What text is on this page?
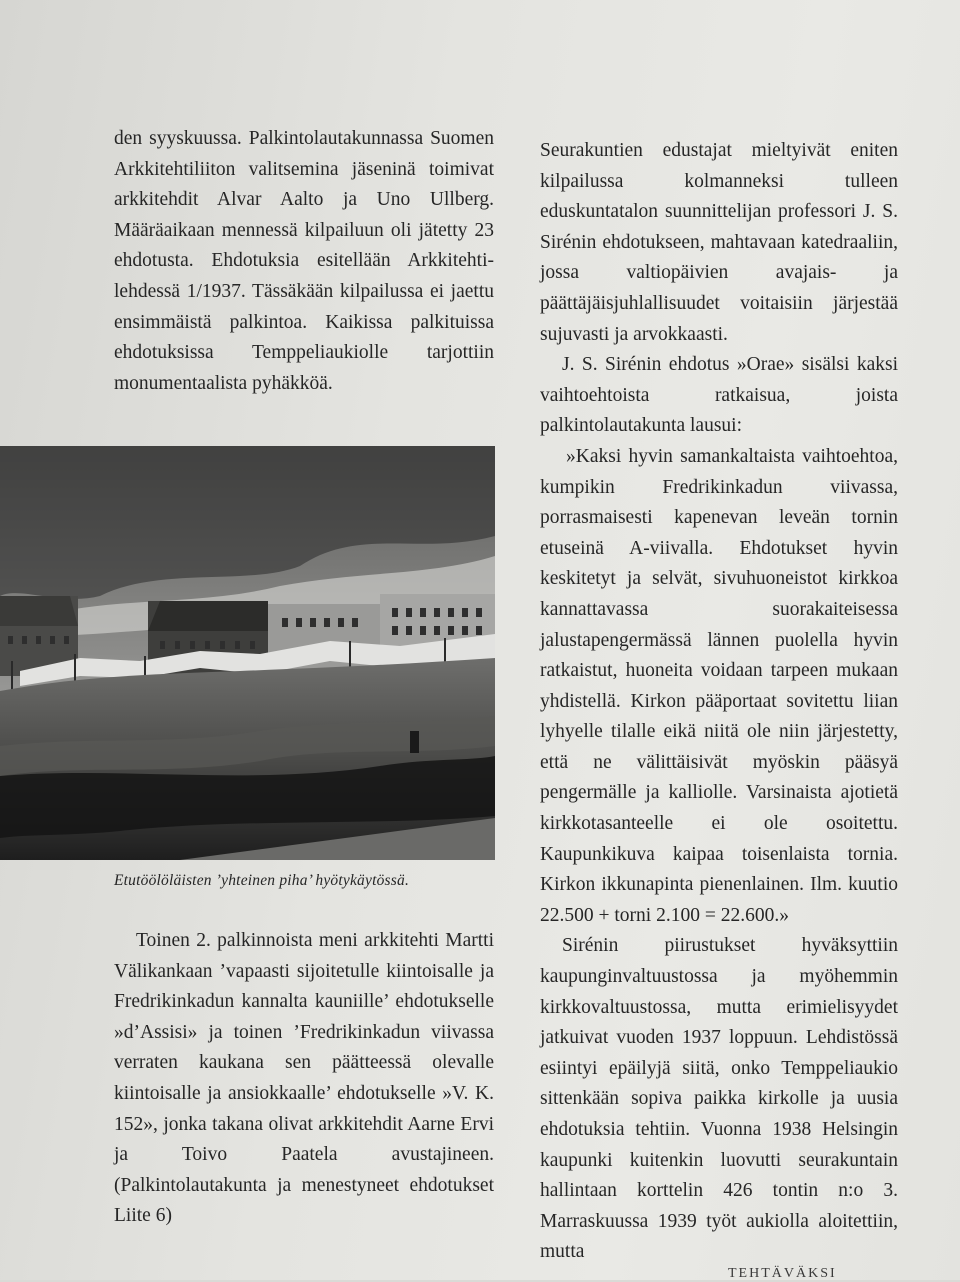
den syyskuussa. Palkintolautakunnassa Suomen Arkkitehtiliiton valitsemina jäseninä toimivat arkkitehdit Alvar Aalto ja Uno Ullberg. Määräaikaan mennessä kilpailuun oli jätetty 23 ehdotusta. Ehdotuksia esitellään Arkkitehti-lehdessä 1/1937. Tässäkään kilpailussa ei jaettu ensimmäistä palkintoa. Kaikissa palkituissa ehdotuksissa Temppeliaukiolle tarjottiin monumentaalista pyhäkköä.

Etutöölöläisten ’yhteinen piha’ hyötykäytössä.

Toinen 2. palkinnoista meni arkkitehti Martti Välikankaan ’vapaasti sijoitetulle kiintoisalle ja Fredrikinkadun kannalta kauniille’ ehdotukselle »d’Assisi» ja toinen ’Fredrikinkadun viivassa verraten kaukana sen päätteessä olevalle kiintoisalle ja ansiokkaalle’ ehdotukselle »V. K. 152», jonka takana olivat arkkitehdit Aarne Ervi ja Toivo Paatela avustajineen. (Palkintolautakunta ja menestyneet ehdotukset Liite 6)

Seurakuntien edustajat mieltyivät eniten kilpailussa kolmanneksi tulleen eduskuntatalon suunnittelijan professori J. S. Sirénin ehdotukseen, mahtavaan katedraaliin, jossa valtiopäivien avajais- ja päättäjäisjuhlallisuudet voitaisiin järjestää sujuvasti ja arvokkaasti.

J. S. Sirénin ehdotus »Orae» sisälsi kaksi vaihtoehtoista ratkaisua, joista palkintolautakunta lausui:

»Kaksi hyvin samankaltaista vaihtoehtoa, kumpikin Fredrikinkadun viivassa, porrasmaisesti kapenevan leveän tornin etuseinä A-viivalla. Ehdotukset hyvin keskitetyt ja selvät, sivuhuoneistot kirkkoa kannattavassa suorakaiteisessa jalustapengermässä lännen puolella hyvin ratkaistut, huoneita voidaan tarpeen mukaan yhdistellä. Kirkon pääportaat sovitettu liian lyhyelle tilalle eikä niitä ole niin järjestetty, että ne välittäisivät myöskin pääsyä pengermälle ja kalliolle. Varsinaista ajotietä kirkkotasanteelle ei ole osoitettu. Kaupunkikuva kaipaa toisenlaista tornia. Kirkon ikkunapinta pienenlainen. Ilm. kuutio 22.500 + torni 2.100 = 22.600.»

Sirénin piirustukset hyväksyttiin kaupunginvaltuustossa ja myöhemmin kirkkovaltuustossa, mutta erimielisyydet jatkuivat vuoden 1937 loppuun. Lehdistössä esiintyi epäilyjä siitä, onko Temppeliaukio sittenkään sopiva paikka kirkolle ja uusia ehdotuksia tehtiin. Vuonna 1938 Helsingin kaupunki kuitenkin luovutti seurakuntain hallintaan korttelin 426 tontin n:o 3. Marraskuussa 1939 työt aukiolla aloitettiin, mutta

TEHTÄVÄKSI
